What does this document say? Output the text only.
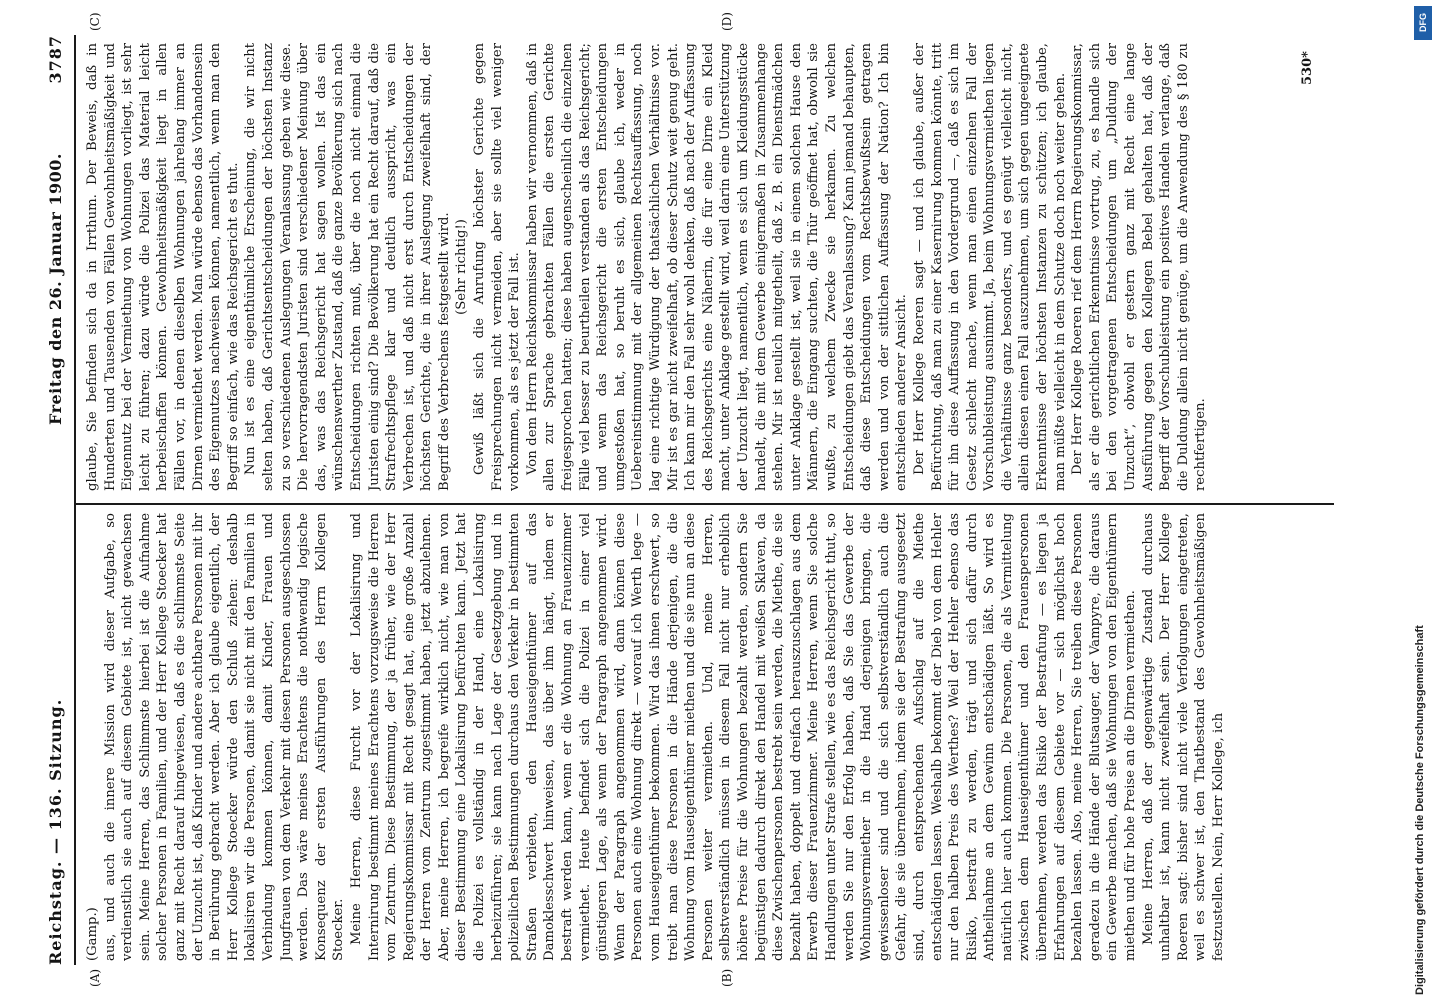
Reichstag. — 136. Sitzung.
Freitag den 26. Januar 1900.
3787
(A)	(B)
(C)	(D)

(Gamp.) aus, und auch die innere Mission wird dieser Aufgabe, so verdienstlich sie auch auf diesem Gebiete ist, nicht gewachsen sein. Meine Herren, das Schlimmste hierbei ist die Aufnahme solcher Personen in Familien, und der Herr Kollege Stoecker hat ganz mit Recht darauf hingewiesen, daß es die schlimmste Seite der Unzucht ist, daß Kinder und andere achtbare Personen mit ihr in Berührung gebracht werden. Aber ich glaube eigentlich, der Herr Kollege Stoecker würde den Schluß ziehen: deshalb lokalisiren wir die Personen, damit sie nicht mit den Familien in Verbindung kommen können, damit Kinder, Frauen und Jungfrauen von dem Verkehr mit diesen Personen ausgeschlossen werden. Das wäre meines Erachtens die nothwendig logische Konsequenz der ersten Ausführungen des Herrn Kollegen Stoecker. Meine Herren, diese Furcht vor der Lokalisirung und Internirung bestimmt meines Erachtens vorzugsweise die Herren vom Zentrum. Diese Bestimmung, der ja früher, wie der Herr Regierungskommissar mit Recht gesagt hat, eine große Anzahl der Herren vom Zentrum zugestimmt haben, jetzt abzulehnen. Aber, meine Herren, ich begreife wirklich nicht, wie man von dieser Bestimmung eine Lokalisirung befürchten kann. Jetzt hat die Polizei es vollständig in der Hand, eine Lokalisirung herbeizuführen; sie kann nach Lage der Gesetzgebung und in polizeilichen Bestimmungen durchaus den Verkehr in bestimmten Straßen verbieten, den Hauseigenthümer auf das Damoklesschwert hinweisen, das über ihm hängt, indem er bestraft werden kann, wenn er die Wohnung an Frauenzimmer vermiethet. Heute befindet sich die Polizei in einer viel günstigeren Lage, als wenn der Paragraph angenommen wird. Wenn der Paragraph angenommen wird, dann können diese Personen auch eine Wohnung direkt — worauf ich Werth lege — vom Hauseigenthümer bekommen. Wird das ihnen erschwert, so treibt man diese Personen in die Hände derjenigen, die die Wohnung vom Hauseigenthümer miethen und die sie nun an diese Personen weiter vermiethen. Und, meine Herren, selbstverständlich müssen in diesem Fall nicht nur erheblich höhere Preise für die Wohnungen bezahlt werden, sondern Sie begünstigen dadurch direkt den Handel mit weißen Sklaven, da diese Zwischenpersonen bestrebt sein werden, die Miethe, die sie bezahlt haben, doppelt und dreifach herauszuschlagen aus dem Erwerb dieser Frauenzimmer. Meine Herren, wenn Sie solche Handlungen unter Strafe stellen, wie es das Reichsgericht thut, so werden Sie nur den Erfolg haben, daß Sie das Gewerbe der Wohnungsvermiether in die Hand derjenigen bringen, die gewissenloser sind und die sich selbstverständlich auch die Gefahr, die sie übernehmen, indem sie der Bestrafung ausgesetzt sind, durch entsprechenden Aufschlag auf die Miethe entschädigen lassen. Weshalb bekommt der Dieb von dem Hehler nur den halben Preis des Werthes? Weil der Hehler ebenso das Risiko, bestraft zu werden, trägt und sich dafür durch Antheilnahme an dem Gewinn entschädigen läßt. So wird es natürlich hier auch kommen. Die Personen, die als Vermittelung zwischen dem Hauseigenthümer und den Frauenspersonen übernehmen, werden das Risiko der Bestrafung — es liegen ja Erfahrungen auf diesem Gebiete vor — sich möglichst hoch bezahlen lassen. Also, meine Herren, Sie treiben diese Personen geradezu in die Hände der Blutsauger, der Vampyre, die daraus ein Gewerbe machen, daß sie Wohnungen von den Eigenthümern miethen und für hohe Preise an die Dirnen vermiethen. Meine Herren, daß der gegenwärtige Zustand durchaus unhaltbar ist, kann nicht zweifelhaft sein. Der Herr Kollege Roeren sagt: bisher sind nicht viele Verfolgungen eingetreten, weil es schwer ist, den Thatbestand des Gewohnheitsmäßigen festzustellen. Nein, Herr Kollege, ich

glaube, Sie befinden sich da in Irrthum. Der Beweis, daß in Hunderten und Tausenden von Fällen Gewohnheitsmäßigkeit und Eigennutz bei der Vermiethung von Wohnungen vorliegt, ist sehr leicht zu führen; dazu würde die Polizei das Material leicht herbeischaffen können. Gewohnheitsmäßigkeit liegt in allen Fällen vor, in denen dieselben Wohnungen jahrelang immer an Dirnen vermiethet werden. Man würde ebenso das Vorhandensein des Eigennutzes nachweisen können, namentlich, wenn man den Begriff so einfach, wie das Reichsgericht es thut. Nun ist es eine eigenthümliche Erscheinung, die wir nicht selten haben, daß Gerichtsentscheidungen der höchsten Instanz zu so verschiedenen Auslegungen Veranlassung geben wie diese. Die hervorragendsten Juristen sind verschiedener Meinung über das, was das Reichsgericht hat sagen wollen. Ist das ein wünschenswerther Zustand, daß die ganze Bevölkerung sich nach Entscheidungen richten muß, über die noch nicht einmal die Juristen einig sind? Die Bevölkerung hat ein Recht darauf, daß die Strafrechtspflege klar und deutlich ausspricht, was ein Verbrechen ist, und daß nicht erst durch Entscheidungen der höchsten Gerichte, die in ihrer Auslegung zweifelhaft sind, der Begriff des Verbrechens festgestellt wird. (Sehr richtig!) Gewiß läßt sich die Anrufung höchster Gerichte gegen Freisprechungen nicht vermeiden, aber sie sollte viel weniger vorkommen, als es jetzt der Fall ist. Von dem Herrn Reichskommissar haben wir vernommen, daß in allen zur Sprache gebrachten Fällen die ersten Gerichte freigesprochen hatten; diese haben augenscheinlich die einzelnen Fälle viel besser zu beurtheilen verstanden als das Reichsgericht; und wenn das Reichsgericht die ersten Entscheidungen umgestoßen hat, so beruht es sich, glaube ich, weder in Uebereinstimmung mit der allgemeinen Rechtsauffassung, noch lag eine richtige Würdigung der thatsächlichen Verhältnisse vor. Mir ist es gar nicht zweifelhaft, ob dieser Schutz weit genug geht. Ich kann mir den Fall sehr wohl denken, daß nach der Auffassung des Reichsgerichts eine Näherin, die für eine Dirne ein Kleid macht, unter Anklage gestellt wird, weil darin eine Unterstützung der Unzucht liegt, namentlich, wenn es sich um Kleidungsstücke handelt, die mit dem Gewerbe einigermaßen in Zusammenhange stehen. Mir ist neulich mitgetheilt, daß z. B. ein Dienstmädchen unter Anklage gestellt ist, weil sie in einem solchen Hause den Männern, die Eingang suchten, die Thür geöffnet hat, obwohl sie wußte, zu welchem Zwecke sie herkamen. Zu welchen Entscheidungen giebt das Veranlassung? Kann jemand behaupten, daß diese Entscheidungen vom Rechtsbewußtsein getragen werden und von der sittlichen Auffassung der Nation? Ich bin entschieden anderer Ansicht. Der Herr Kollege Roeren sagt — und ich glaube, außer der Befürchtung, daß man zu einer Kasernirung kommen könnte, tritt für ihn diese Auffassung in den Vordergrund —, daß es sich im Gesetz schlecht mache, wenn man einen einzelnen Fall der Vorschubleistung ausnimmt. Ja, beim Wohnungsvermiethen liegen die Verhältnisse ganz besonders, und es genügt vielleicht nicht, allein diesen einen Fall auszunehmen, um sich gegen ungeeignete Erkenntnisse der höchsten Instanzen zu schützen; ich glaube, man müßte vielleicht in dem Schutze doch noch weiter gehen. Der Herr Kollege Roeren rief dem Herrn Regierungskommissar, als er die gerichtlichen Erkenntnisse vortrug, zu, es handle sich bei den vorgetragenen Entscheidungen um „Duldung der Unzucht“, obwohl er gestern ganz mit Recht eine lange Ausführung gegen den Kollegen Bebel gehalten hat, daß der Begriff der Vorschubleistung ein positives Handeln verlange, daß die Duldung allein nicht genüge, um die Anwendung des § 180 zu rechtfertigen.

530*
Digitalisierung gefördert durch die Deutsche Forschungsgemeinschaft
DFG
